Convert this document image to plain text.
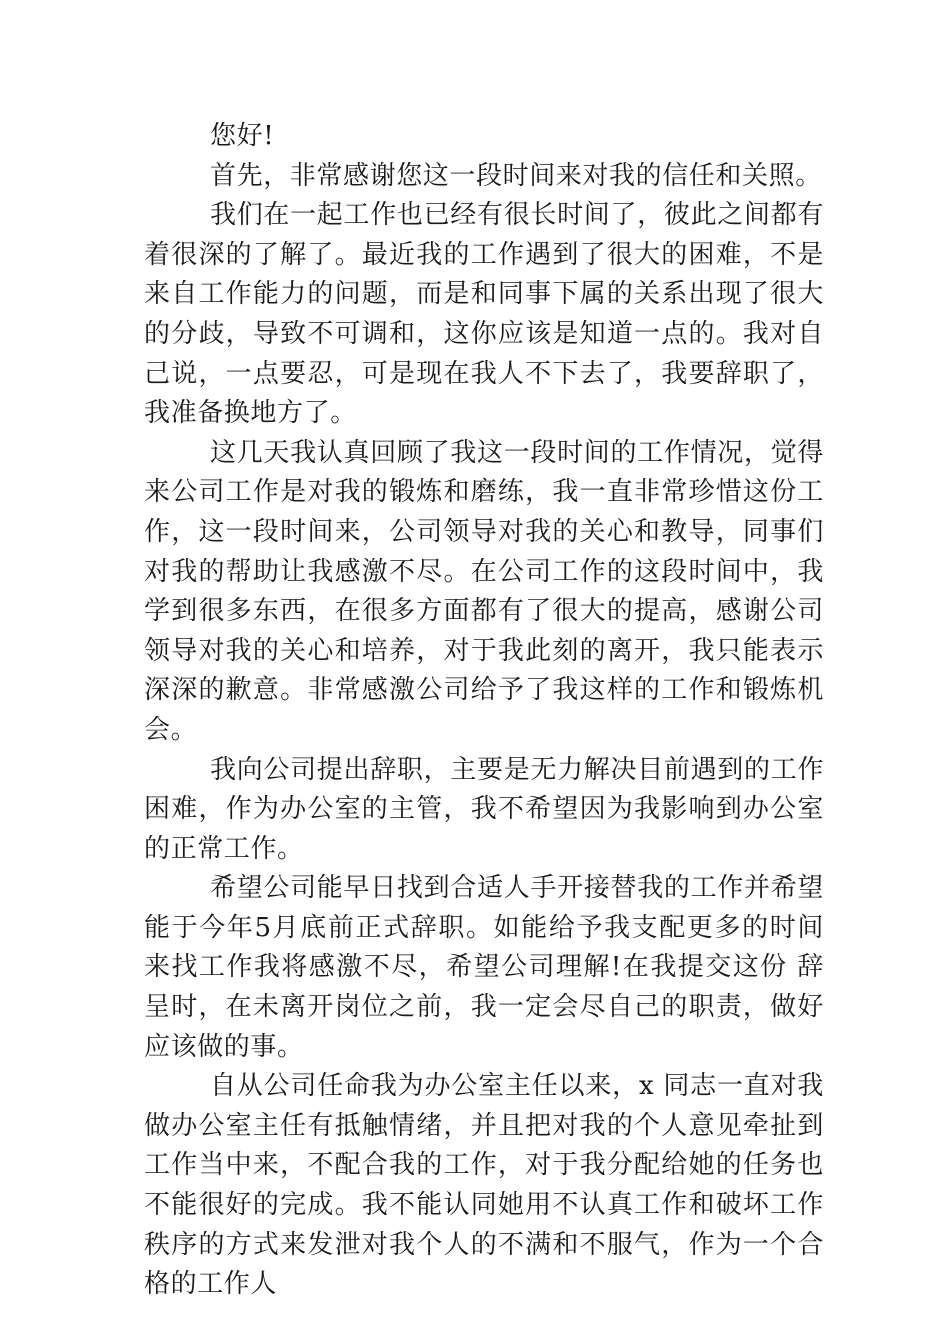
您好!

首先，非常感谢您这一段时间来对我的信任和关照。

我们在一起工作也已经有很长时间了，彼此之间都有着很深的了解了。最近我的工作遇到了很大的困难，不是来自工作能力的问题，而是和同事下属的关系出现了很大的分歧，导致不可调和，这你应该是知道一点的。我对自己说，一点要忍，可是现在我人不下去了，我要辞职了，我准备换地方了。

这几天我认真回顾了我这一段时间的工作情况，觉得来公司工作是对我的锻炼和磨练，我一直非常珍惜这份工作，这一段时间来，公司领导对我的关心和教导，同事们对我的帮助让我感激不尽。在公司工作的这段时间中，我学到很多东西，在很多方面都有了很大的提高，感谢公司领导对我的关心和培养，对于我此刻的离开，我只能表示深深的歉意。非常感激公司给予了我这样的工作和锻炼机会。

我向公司提出辞职，主要是无力解决目前遇到的工作困难，作为办公室的主管，我不希望因为我影响到办公室的正常工作。

希望公司能早日找到合适人手开接替我的工作并希望能于今年5月底前正式辞职。如能给予我支配更多的时间来找工作我将感激不尽，希望公司理解!在我提交这份 辞呈时，在未离开岗位之前，我一定会尽自己的职责，做好应该做的事。

自从公司任命我为办公室主任以来，x 同志一直对我做办公室主任有抵触情绪，并且把对我的个人意见牵扯到工作当中来，不配合我的工作，对于我分配给她的任务也不能很好的完成。我不能认同她用不认真工作和破坏工作秩序的方式来发泄对我个人的不满和不服气，作为一个合格的工作人
